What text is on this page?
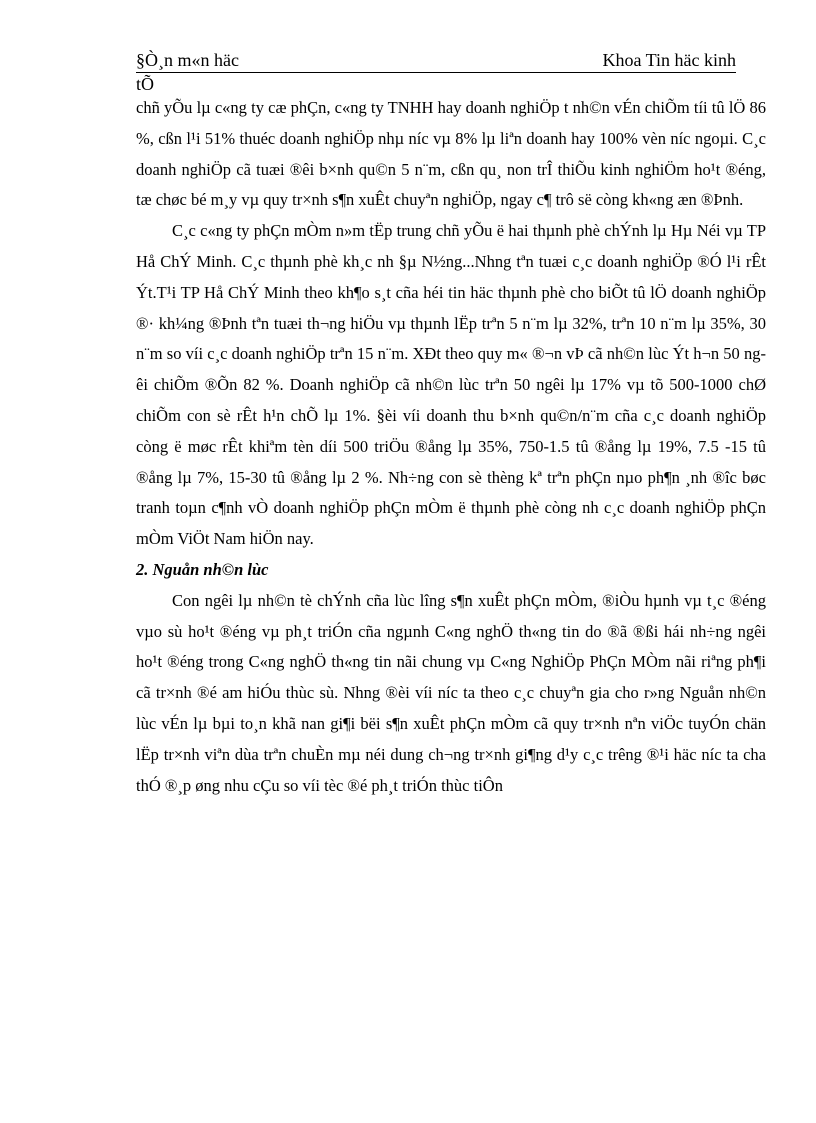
§Ò¸n m«n häc	Khoa Tin häc kinh
tÕ

chñ yÕu lµ c«ng ty cæ phÇn, c«ng ty TNHH hay doanh nghiÖp t nh©n vÉn chiÕm tíi tû lÖ 86 %, cßn l¹i 51% thuéc doanh nghiÖp nhµ níc vµ 8% lµ liªn doanh hay 100% vèn níc ngoµi. C¸c doanh nghiÖp cã tuæi ®êi b×nh qu©n 5 n¨m, cßn qu¸ non trÎ thiÕu kinh nghiÖm ho¹t ®éng, tæ chøc bé m¸y vµ quy tr×nh s¶n xuÊt chuyªn nghiÖp, ngay c¶ trô së còng kh«ng æn ®Þnh.

C¸c c«ng ty phÇn mÒm n»m tËp trung chñ yÕu ë hai thµnh phè chÝnh lµ Hµ Néi vµ TP Hå ChÝ Minh. C¸c thµnh phè kh¸c nh §µ N½ng...Nhng tªn tuæi c¸c doanh nghiÖp ®Ó l¹i rÊt Ýt.T¹i TP Hå ChÝ Minh theo kh¶o s¸t cña héi tin häc thµnh phè cho biÕt tû lÖ doanh nghiÖp ®· kh¼ng ®Þnh tªn tuæi th¬ng hiÖu vµ thµnh lËp trªn 5 n¨m lµ 32%, trªn 10 n¨m lµ 35%, 30 n¨m so víi c¸c doanh nghiÖp trªn 15 n¨m. XÐt theo quy m« ®¬n vÞ cã nh©n lùc Ýt h¬n 50 ngêi chiÕm ®Õn 82 %. Doanh nghiÖp cã nh©n lùc trªn 50 ngêi lµ 17% vµ tõ 500-1000 chØ chiÕm con sè rÊt h¹n chÕ lµ 1%. §èi víi doanh thu b×nh qu©n/n¨m cña c¸c doanh nghiÖp còng ë møc rÊt khiªm tèn díi 500 triÖu ®ång lµ 35%, 750-1.5 tû ®ång lµ 19%, 7.5 -15 tû ®ång lµ 7%, 15-30 tû ®ång lµ 2 %. Nh÷ng con sè thèng kª trªn phÇn nµo ph¶n ¸nh ®îc bøc tranh toµn c¶nh vÒ doanh nghiÖp phÇn mÒm ë thµnh phè còng nh c¸c doanh nghiÖp phÇn mÒm ViÖt Nam hiÖn nay.

2. Nguån nh©n lùc

Con ngêi lµ nh©n tè chÝnh cña lùc lîng s¶n xuÊt phÇn mÒm, ®iÒu hµnh vµ t¸c ®éng vµo sù ho¹t ®éng vµ ph¸t triÓn cña ngµnh C«ng nghÖ th«ng tin do ®ã ®ßi hái nh÷ng ngêi ho¹t ®éng trong C«ng nghÖ th«ng tin nãi chung vµ C«ng NghiÖp PhÇn MÒm nãi riªng ph¶i cã tr×nh ®é am hiÓu thùc sù. Nhng ®èi víi níc ta theo c¸c chuyªn gia cho r»ng Nguån nh©n lùc vÉn lµ bµi to¸n khã nan gi¶i bëi s¶n xuÊt phÇn mÒm cã quy tr×nh nªn viÖc tuyÓn chän lËp tr×nh viªn dùa trªn chuÈn mµ néi dung ch¬ng tr×nh gi¶ng d¹y c¸c trêng ®¹i häc níc ta cha thÓ ®¸p øng nhu cÇu so víi tèc ®é ph¸t triÓn thùc tiÔn
